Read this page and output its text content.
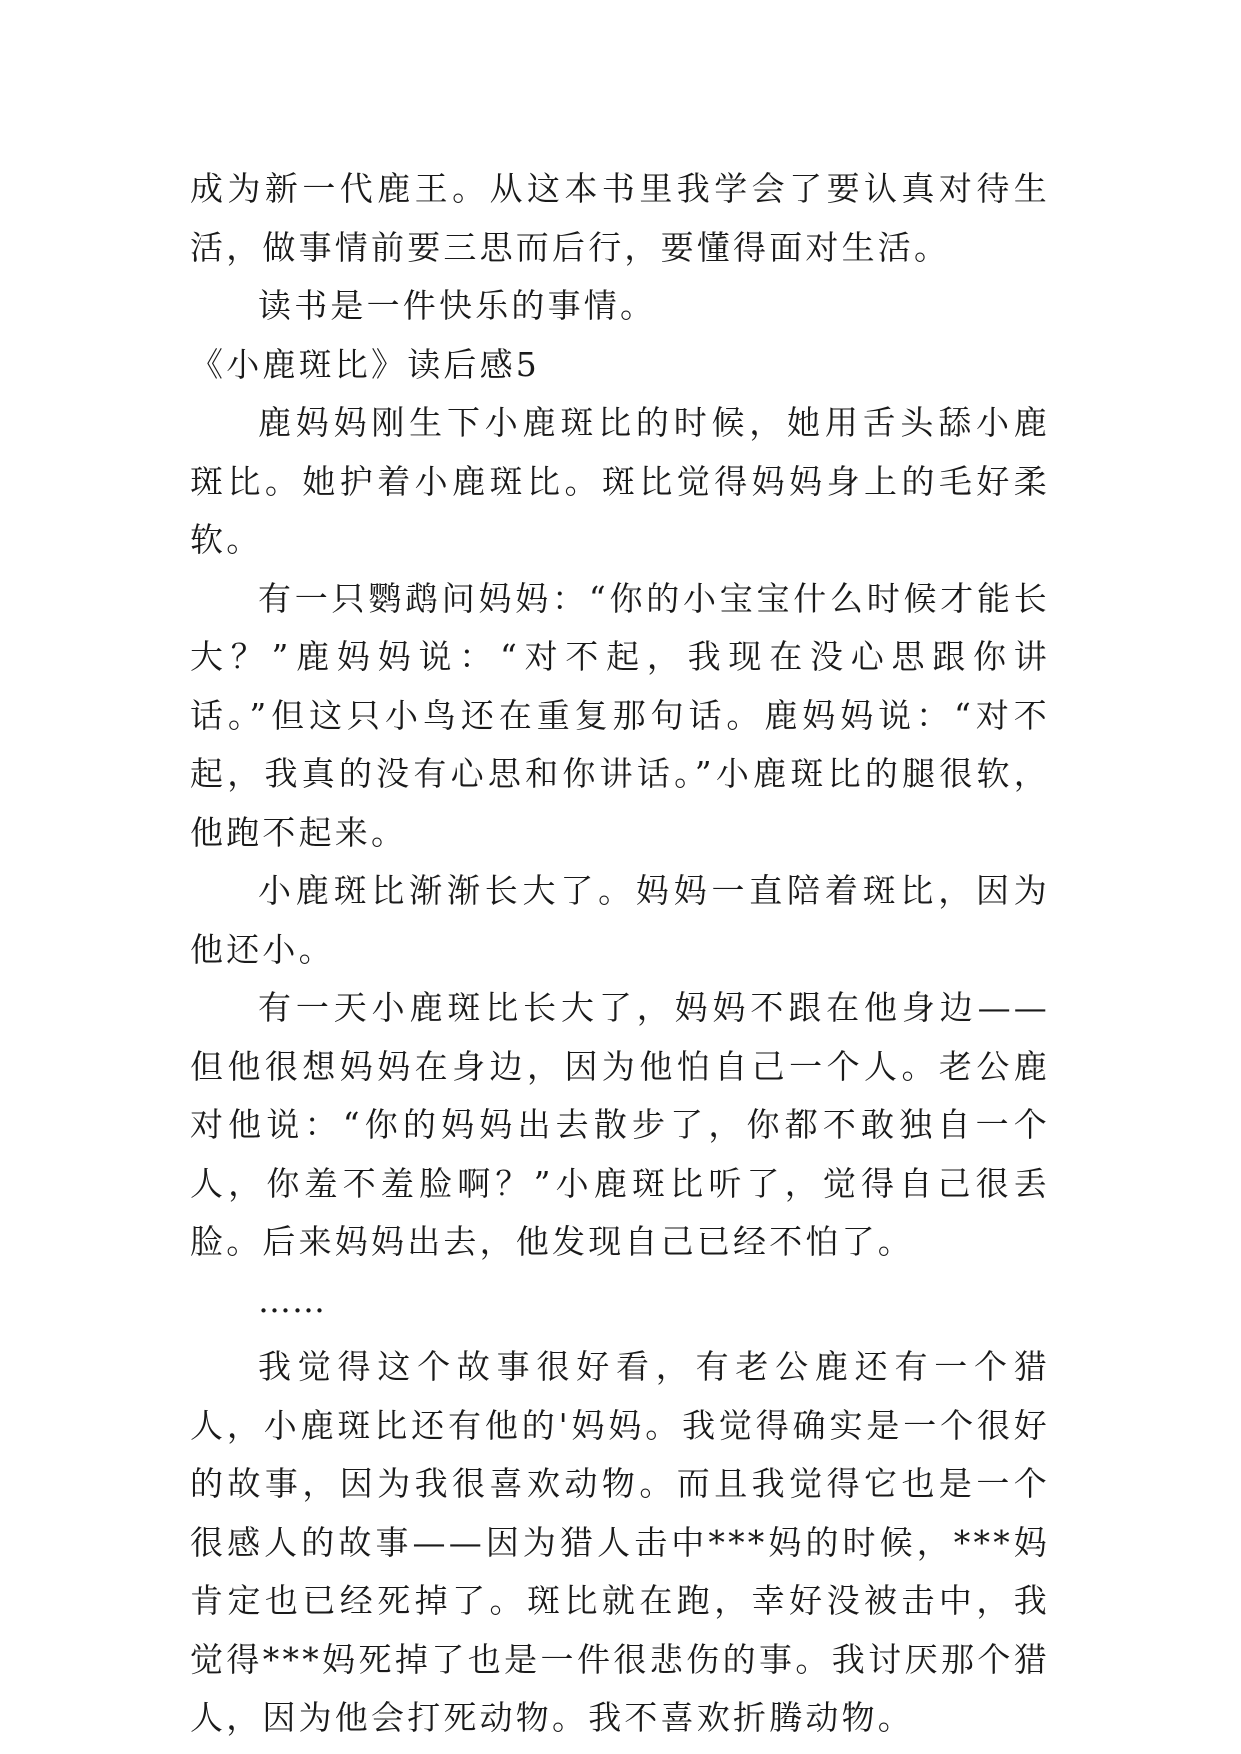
成为新一代鹿王。从这本书里我学会了要认真对待生活，做事情前要三思而后行，要懂得面对生活。

读书是一件快乐的事情。

《小鹿斑比》读后感5

鹿妈妈刚生下小鹿斑比的时候，她用舌头舔小鹿斑比。她护着小鹿斑比。斑比觉得妈妈身上的毛好柔软。

有一只鹦鹉问妈妈：“你的小宝宝什么时候才能长大？”鹿妈妈说：“对不起，我现在没心思跟你讲话。”但这只小鸟还在重复那句话。鹿妈妈说：“对不起，我真的没有心思和你讲话。”小鹿斑比的腿很软，他跑不起来。

小鹿斑比渐渐长大了。妈妈一直陪着斑比，因为他还小。

有一天小鹿斑比长大了，妈妈不跟在他身边——但他很想妈妈在身边，因为他怕自己一个人。老公鹿对他说：“你的妈妈出去散步了，你都不敢独自一个人，你羞不羞脸啊？”小鹿斑比听了，觉得自己很丢脸。后来妈妈出去，他发现自己已经不怕了。

……

我觉得这个故事很好看，有老公鹿还有一个猎人，小鹿斑比还有他的'妈妈。我觉得确实是一个很好的故事，因为我很喜欢动物。而且我觉得它也是一个很感人的故事——因为猎人击中***妈的时候，***妈肯定也已经死掉了。斑比就在跑，幸好没被击中，我觉得***妈死掉了也是一件很悲伤的事。我讨厌那个猎人，因为他会打死动物。我不喜欢折腾动物。
